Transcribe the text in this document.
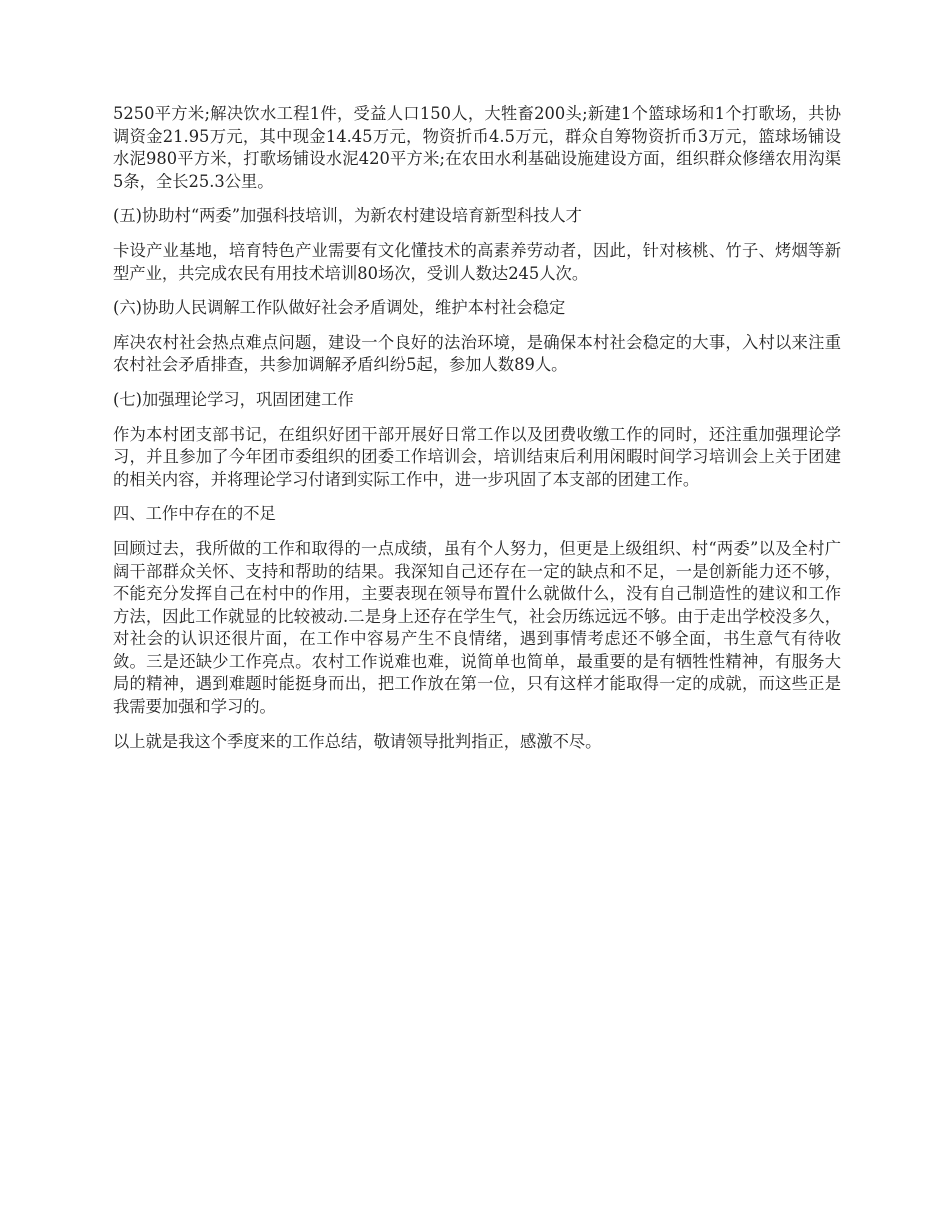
5250平方米;解决饮水工程1件，受益人口150人，大牲畜200头;新建1个篮球场和1个打歌场，共协调资金21.95万元，其中现金14.45万元，物资折币4.5万元，群众自筹物资折币3万元，篮球场铺设水泥980平方米，打歌场铺设水泥420平方米;在农田水利基础设施建设方面，组织群众修缮农用沟渠5条，全长25.3公里。

(五)协助村“两委”加强科技培训，为新农村建设培育新型科技人才

卡设产业基地，培育特色产业需要有文化懂技术的高素养劳动者，因此，针对核桃、竹子、烤烟等新型产业，共完成农民有用技术培训80场次，受训人数达245人次。

(六)协助人民调解工作队做好社会矛盾调处，维护本村社会稳定

库决农村社会热点难点问题，建设一个良好的法治环境，是确保本村社会稳定的大事，入村以来注重农村社会矛盾排查，共参加调解矛盾纠纷5起，参加人数89人。

(七)加强理论学习，巩固团建工作

作为本村团支部书记，在组织好团干部开展好日常工作以及团费收缴工作的同时，还注重加强理论学习，并且参加了今年团市委组织的团委工作培训会，培训结束后利用闲暇时间学习培训会上关于团建的相关内容，并将理论学习付诸到实际工作中，进一步巩固了本支部的团建工作。

四、工作中存在的不足

回顾过去，我所做的工作和取得的一点成绩，虽有个人努力，但更是上级组织、村“两委”以及全村广阔干部群众关怀、支持和帮助的结果。我深知自己还存在一定的缺点和不足，一是创新能力还不够，不能充分发挥自己在村中的作用，主要表现在领导布置什么就做什么，没有自己制造性的建议和工作方法，因此工作就显的比较被动.二是身上还存在学生气，社会历练远远不够。由于走出学校没多久，对社会的认识还很片面，在工作中容易产生不良情绪，遇到事情考虑还不够全面，书生意气有待收敛。三是还缺少工作亮点。农村工作说难也难，说简单也简单，最重要的是有牺牲性精神，有服务大局的精神，遇到难题时能挺身而出，把工作放在第一位，只有这样才能取得一定的成就，而这些正是我需要加强和学习的。

以上就是我这个季度来的工作总结，敬请领导批判指正，感激不尽。
